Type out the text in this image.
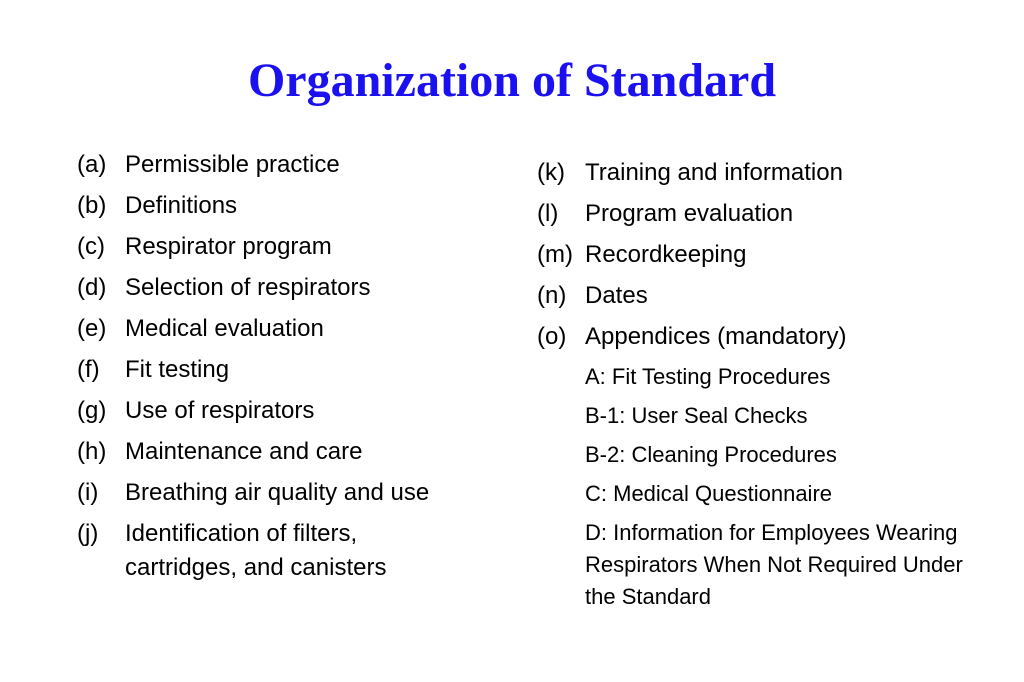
Organization of Standard
(a) Permissible practice
(b) Definitions
(c) Respirator program
(d) Selection of respirators
(e) Medical evaluation
(f)	Fit testing
(g) Use of respirators
(h) Maintenance and care
(i)	Breathing air quality and use
(j)	Identification of filters, cartridges, and canisters
(k) Training and information
(l)	Program evaluation
(m) Recordkeeping
(n) Dates
(o) Appendices (mandatory)
A: Fit Testing Procedures
B-1: User Seal Checks
B-2: Cleaning Procedures
C: Medical Questionnaire
D: Information for Employees Wearing Respirators When Not Required Under the Standard
